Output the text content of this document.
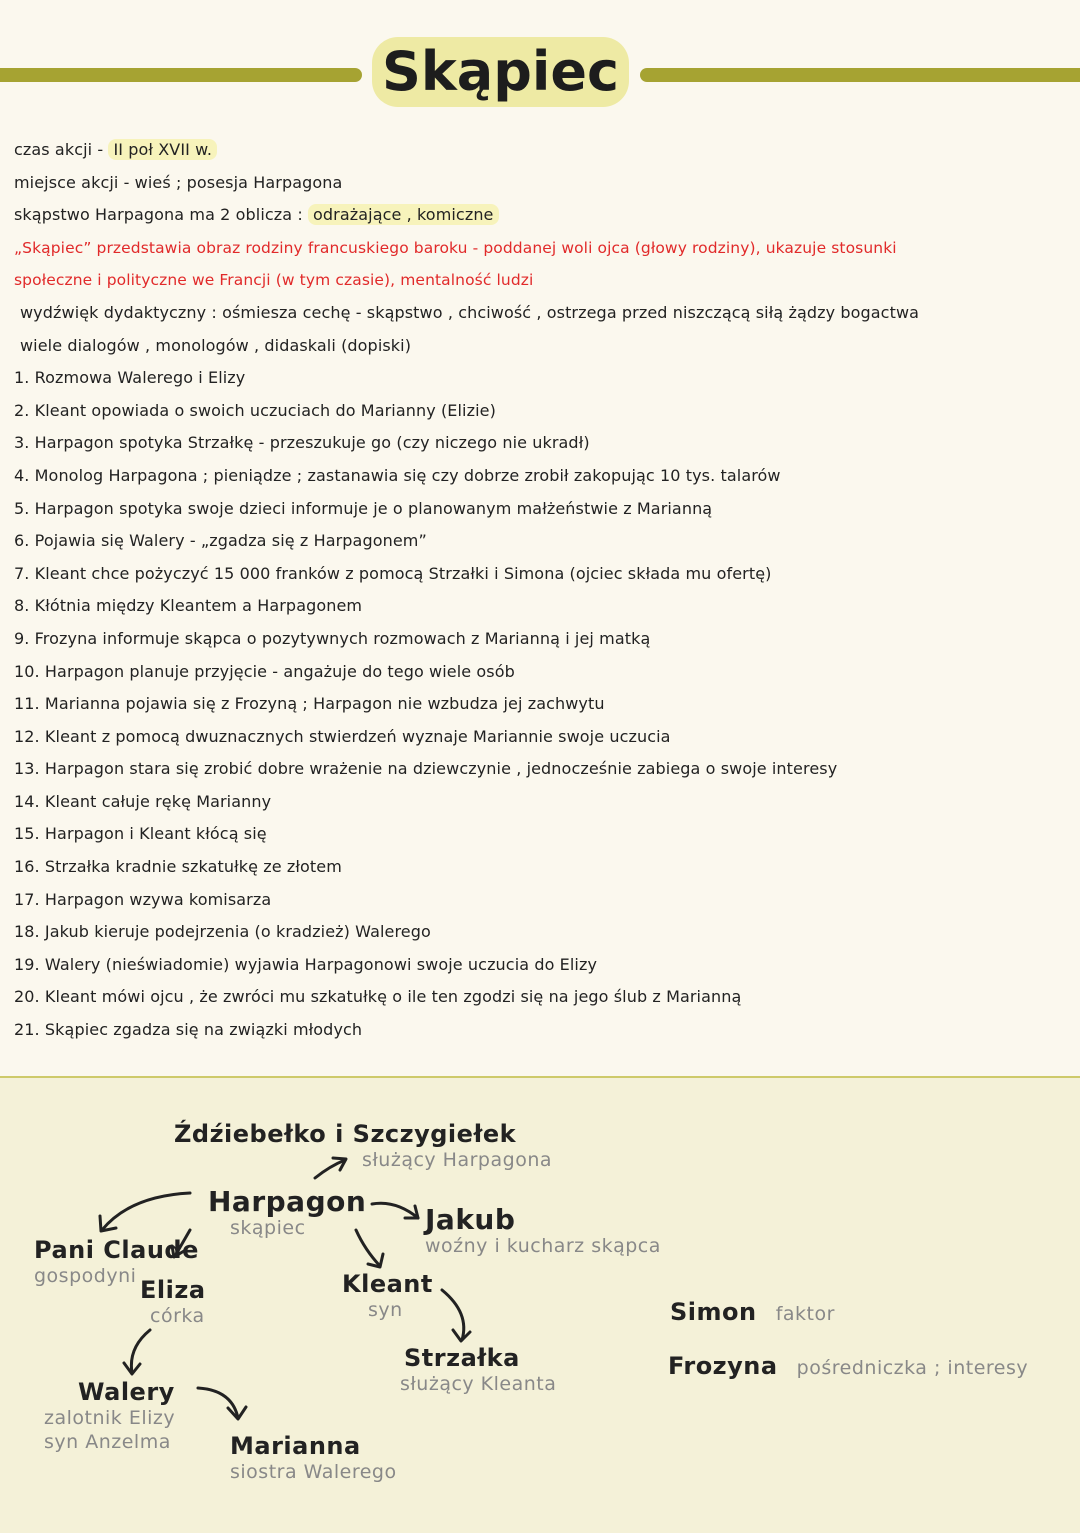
Skąpiec
czas akcji - II poł XVII w.
miejsce akcji - wieś ; posesja Harpagona
skąpstwo Harpagona ma 2 oblicza : odrażające , komiczne
„Skąpiec” przedstawia obraz rodziny francuskiego baroku - poddanej woli ojca (głowy rodziny), ukazuje stosunki
społeczne i polityczne we Francji (w tym czasie), mentalność ludzi
wydźwięk dydaktyczny : ośmiesza cechę - skąpstwo , chciwość , ostrzega przed niszczącą siłą żądzy bogactwa
wiele dialogów , monologów , didaskali (dopiski)
1. Rozmowa Walerego i Elizy
2. Kleant opowiada o swoich uczuciach do Marianny (Elizie)
3. Harpagon spotyka Strzałkę - przeszukuje go (czy niczego nie ukradł)
4. Monolog Harpagona ; pieniądze ; zastanawia się czy dobrze zrobił zakopując 10 tys. talarów
5. Harpagon spotyka swoje dzieci informuje je o planowanym małżeństwie z Marianną
6. Pojawia się Walery - „zgadza się z Harpagonem”
7. Kleant chce pożyczyć 15 000 franków z pomocą Strzałki i Simona (ojciec składa mu ofertę)
8. Kłótnia między Kleantem a Harpagonem
9. Frozyna informuje skąpca o pozytywnych rozmowach z Marianną i jej matką
10. Harpagon planuje przyjęcie - angażuje do tego wiele osób
11. Marianna pojawia się z Frozyną ; Harpagon nie wzbudza jej zachwytu
12. Kleant z pomocą dwuznacznych stwierdzeń wyznaje Mariannie swoje uczucia
13. Harpagon stara się zrobić dobre wrażenie na dziewczynie , jednocześnie zabiega o swoje interesy
14. Kleant całuje rękę Marianny
15. Harpagon i Kleant kłócą się
16. Strzałka kradnie szkatułkę ze złotem
17. Harpagon wzywa komisarza
18. Jakub kieruje podejrzenia (o kradzież) Walerego
19. Walery (nieświadomie) wyjawia Harpagonowi swoje uczucia do Elizy
20. Kleant mówi ojcu , że zwróci mu szkatułkę o ile ten zgodzi się na jego ślub z Marianną
21. Skąpiec zgadza się na związki młodych
Źdźiebełko i Szczygiełek
służący Harpagona
Harpagon
skąpiec	Jakub
woźny i kucharz skąpca
Pani Claude
gospodyni Eliza
córka
Kleant
syn	Simon faktor
Strzałka
służący Kleanta
Frozyna pośredniczka ; interesy
Walery
zalotnik Elizy
syn Anzelma Marianna
siostra Walerego
